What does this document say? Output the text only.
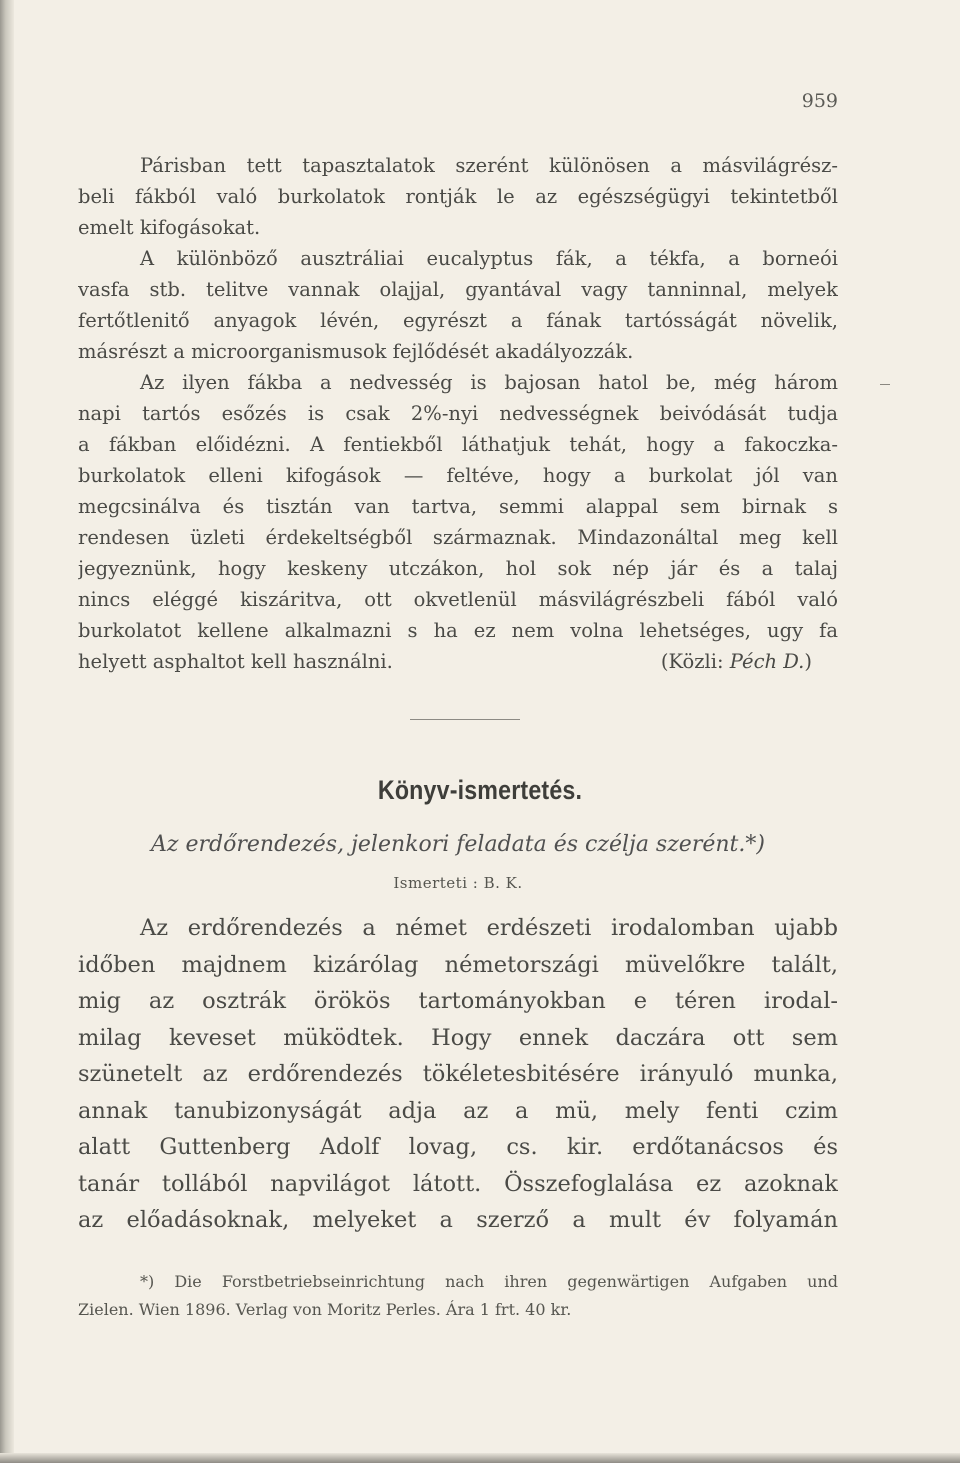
959
Párisban tett tapasztalatok szerént különösen a másvilágrész-
beli fákból való burkolatok rontják le az egészségügyi tekintetből
emelt kifogásokat.
A különböző ausztráliai eucalyptus fák, a tékfa, a borneói
vasfa stb. telitve vannak olajjal, gyantával vagy tanninnal, melyek
fertőtlenitő anyagok lévén, egyrészt a fának tartósságát növelik,
másrészt a microorganismusok fejlődését akadályozzák.
Az ilyen fákba a nedvesség is bajosan hatol be, még három
napi tartós esőzés is csak 2%-nyi nedvességnek beivódását tudja
a fákban előidézni. A fentiekből láthatjuk tehát, hogy a fakoczka-
burkolatok elleni kifogások — feltéve, hogy a burkolat jól van
megcsinálva és tisztán van tartva, semmi alappal sem birnak s
rendesen üzleti érdekeltségből származnak. Mindazonáltal meg kell
jegyeznünk, hogy keskeny utczákon, hol sok nép jár és a talaj
nincs eléggé kiszáritva, ott okvetlenül másvilágrészbeli fából való
burkolatot kellene alkalmazni s ha ez nem volna lehetséges, ugy fa
helyett asphaltot kell használni.	(Közli: Péch D.)
Könyv-ismertetés.
Az erdőrendezés, jelenkori feladata és czélja szerént.*)
Ismerteti : B. K.
Az erdőrendezés a német erdészeti irodalomban ujabb
időben majdnem kizárólag németországi müvelőkre talált,
mig az osztrák örökös tartományokban e téren irodal-
milag keveset müködtek. Hogy ennek daczára ott sem
szünetelt az erdőrendezés tökéletesbitésére irányuló munka,
annak tanubizonyságát adja az a mü, mely fenti czim
alatt Guttenberg Adolf lovag, cs. kir. erdőtanácsos és
tanár tollából napvilágot látott. Összefoglalása ez azoknak
az előadásoknak, melyeket a szerző a mult év folyamán
*) Die Forstbetriebseinrichtung nach ihren gegenwärtigen Aufgaben und
Zielen. Wien 1896. Verlag von Moritz Perles. Ára 1 frt. 40 kr.
